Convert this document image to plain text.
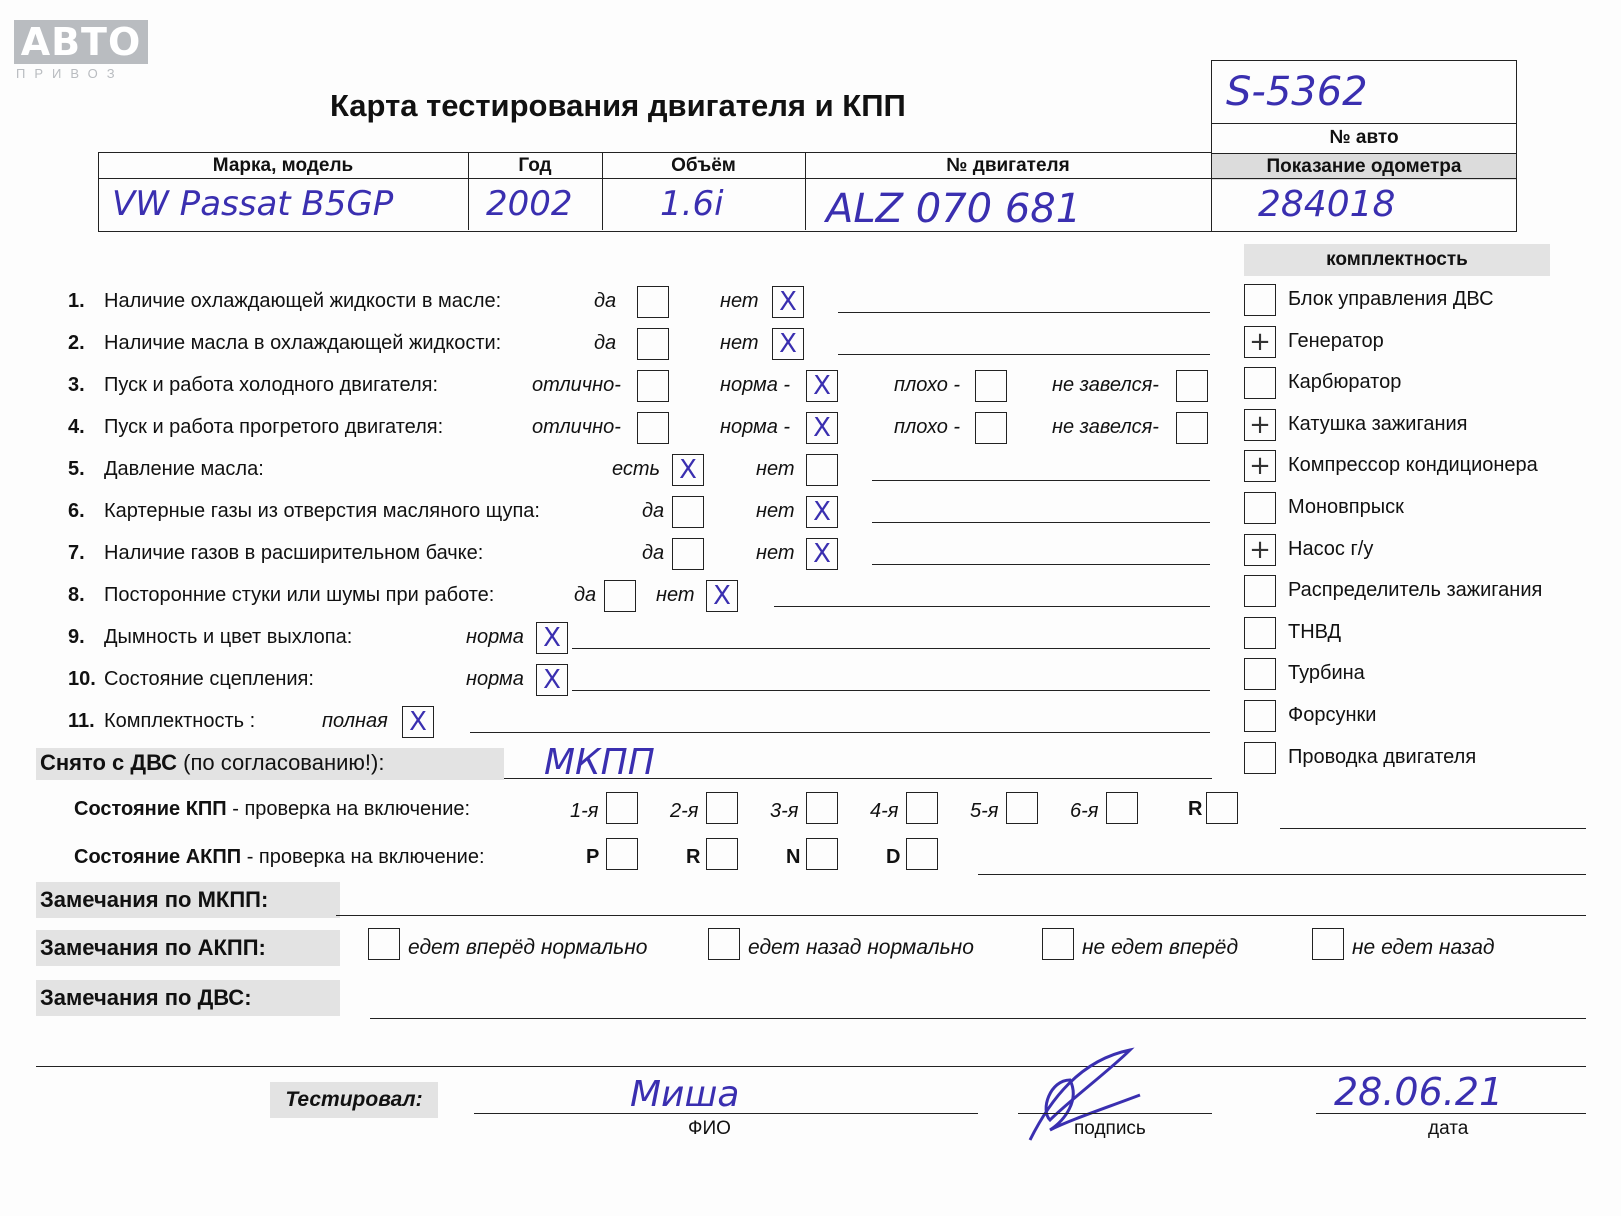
АВТО
ПРИВОЗ
Карта тестирования двигателя и КПП	S-5362
№ авто
Показание одометра
Марка, модель	Год	Объём	№ двигателя
VW Passat B5GP	2002	1.6i	ALZ 070 681	284018
комплектность
1. Наличие охлаждающей жидкости в масле:	да	нет X
2. Наличие масла в охлаждающей жидкости:	да	нет X
3. Пуск и работа холодного двигателя:	отлично-	норма - X	плохо -	не завелся-
4. Пуск и работа прогретого двигателя:	отлично-	норма - X	плохо -	не завелся-
5. Давление масла:	есть X	нет
6. Картерные газы из отверстия масляного щупа:	да	нет X
7. Наличие газов в расширительном бачке:	да	нет X
8. Посторонние стуки или шумы при работе:	да	нет X
9. Дымность и цвет выхлопа:	норма X
10. Состояние сцепления:	норма X
11. Комплектность :	полная X
Блок управления ДВС
+ Генератор
Карбюратор
+ Катушка зажигания
+ Компрессор кондиционера
Моновпрыск
+ Насос г/у
Распределитель зажигания
ТНВД
Турбина
Форсунки
Проводка двигателя
Снято с ДВС (по согласованию!):	МКПП
Состояние КПП - проверка на включение:	1-я	2-я	3-я	4-я	5-я	6-я	R
Состояние АКПП - проверка на включение:	P	R	N	D
Замечания по МКПП:
Замечания по АКПП:	едет вперёд нормально	едет назад нормально	не едет вперёд	не едет назад
Замечания по ДВС:
Тестировал:	Миша
ФИО	подпись
28.06.21
дата
